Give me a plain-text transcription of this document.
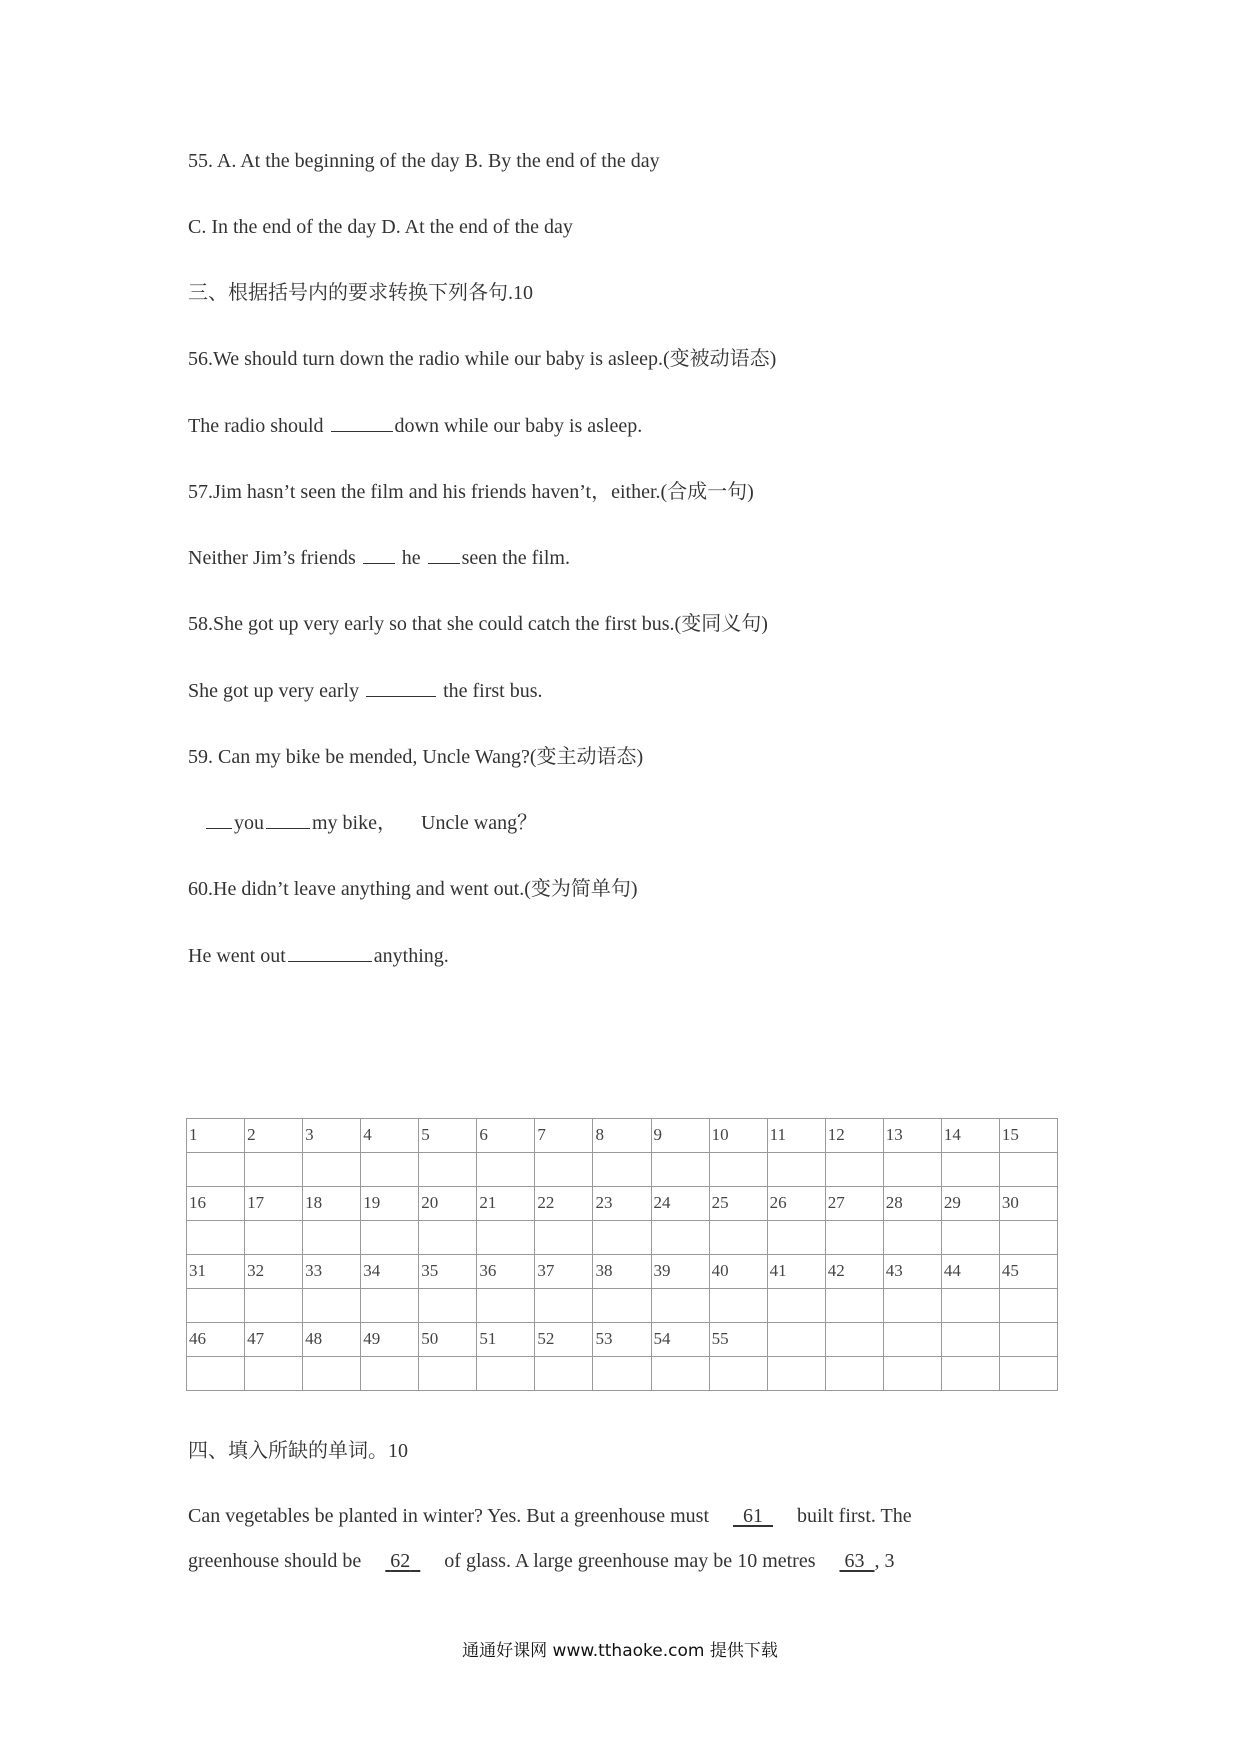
55. A. At the beginning of the day B. By the end of the day
C. In the end of the day D. At the end of the day
三、根据括号内的要求转换下列各句.10
56.We should turn down the radio while our baby is asleep.(变被动语态)
The radio should	down while our baby is asleep.
57.Jim hasn’t seen the film and his friends haven’t，either.(合成一句)
Neither Jim’s friends he seen the film.
58.She got up very early so that she could catch the first bus.(变同义句)
She got up very early	the first bus.
59. Can my bike be mended, Uncle Wang?(变主动语态)
you my bike， Uncle wang？
60.He didn’t leave anything and went out.(变为简单句)
He went out	anything.
1	2	3	4	5	6	7	8	9	10	11	12	13	14	15

16	17	18	19	20	21	22	23	24	25	26	27	28	29	30

31	32	33	34	35	36	37	38	39	40	41	42	43	44	45

46	47	48	49	50	51	52	53	54	55					

四、填入所缺的单词。10
Can vegetables be planted in winter? Yes. But a greenhouse must 61 built first. The
greenhouse should be 62 of glass. A large greenhouse may be 10 metres 63 , 3
通通好课网 www.tthaoke.com 提供下载
